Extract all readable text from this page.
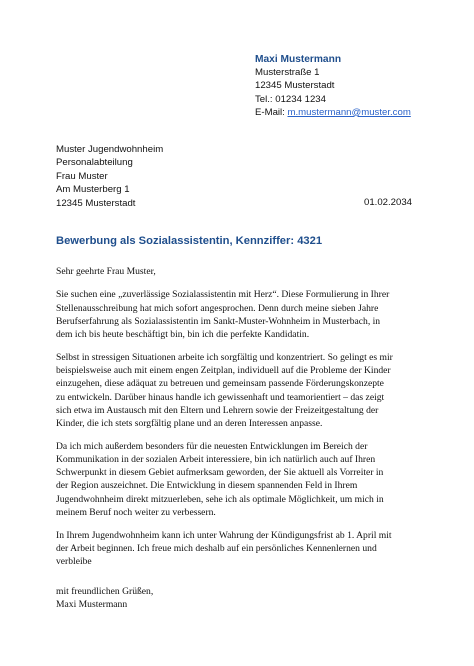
Maxi Mustermann
Musterstraße 1
12345 Musterstadt
Tel.: 01234 1234
E-Mail: m.mustermann@muster.com
Muster Jugendwohnheim
Personalabteilung
Frau Muster
Am Musterberg 1
12345 Musterstadt	01.02.2034
Bewerbung als Sozialassistentin, Kennziffer: 4321

Sehr geehrte Frau Muster,

Sie suchen eine „zuverlässige Sozialassistentin mit Herz“. Diese Formulierung in Ihrer
Stellenausschreibung hat mich sofort angesprochen. Denn durch meine sieben Jahre
Berufserfahrung als Sozialassistentin im Sankt-Muster-Wohnheim in Musterbach, in
dem ich bis heute beschäftigt bin, bin ich die perfekte Kandidatin.

Selbst in stressigen Situationen arbeite ich sorgfältig und konzentriert. So gelingt es mir
beispielsweise auch mit einem engen Zeitplan, individuell auf die Probleme der Kinder
einzugehen, diese adäquat zu betreuen und gemeinsam passende Förderungskonzepte
zu entwickeln. Darüber hinaus handle ich gewissenhaft und teamorientiert – das zeigt
sich etwa im Austausch mit den Eltern und Lehrern sowie der Freizeitgestaltung der
Kinder, die ich stets sorgfältig plane und an deren Interessen anpasse.

Da ich mich außerdem besonders für die neuesten Entwicklungen im Bereich der
Kommunikation in der sozialen Arbeit interessiere, bin ich natürlich auch auf Ihren
Schwerpunkt in diesem Gebiet aufmerksam geworden, der Sie aktuell als Vorreiter in
der Region auszeichnet. Die Entwicklung in diesem spannenden Feld in Ihrem
Jugendwohnheim direkt mitzuerleben, sehe ich als optimale Möglichkeit, um mich in
meinem Beruf noch weiter zu verbessern.

In Ihrem Jugendwohnheim kann ich unter Wahrung der Kündigungsfrist ab 1. April mit
der Arbeit beginnen. Ich freue mich deshalb auf ein persönliches Kennenlernen und
verbleibe

mit freundlichen Grüßen,
Maxi Mustermann
